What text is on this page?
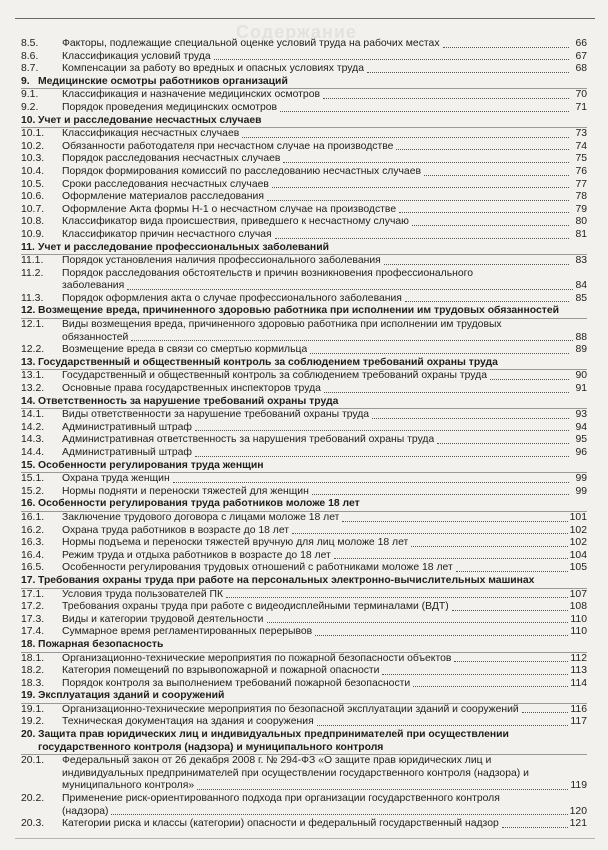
Содержание
8.5.	Факторы, подлежащие специальной оценке условий труда на рабочих местах	66
8.6.	Классификация условий труда	67
8.7.	Компенсации за работу во вредных и опасных условиях труда	68
9. Медицинские осмотры работников организаций
9.1.	Классификация и назначение медицинских осмотров	70
9.2.	Порядок проведения медицинских осмотров	71
10. Учет и расследование несчастных случаев
10.1.	Классификация несчастных случаев	73
10.2.	Обязанности работодателя при несчастном случае на производстве	74
10.3.	Порядок расследования несчастных случаев	75
10.4.	Порядок формирования комиссий по расследованию несчастных случаев	76
10.5.	Сроки расследования несчастных случаев	77
10.6.	Оформление материалов расследования	78
10.7.	Оформление Акта формы Н-1 о несчастном случае на производстве	79
10.8.	Классификатор вида происшествия, приведшего к несчастному случаю	80
10.9.	Классификатор причин несчастного случая	81
11. Учет и расследование профессиональных заболеваний
11.1.	Порядок установления наличия профессионального заболевания	83
11.2.	Порядок расследования обстоятельств и причин возникновения профессионального
заболевания	84
11.3.	Порядок оформления акта о случае профессионального заболевания	85
12. Возмещение вреда, причиненного здоровью работника при исполнении им трудовых обязанностей
12.1.	Виды возмещения вреда, причиненного здоровью работника при исполнении им трудовых
обязанностей	88
12.2.	Возмещение вреда в связи со смертью кормильца	89
13. Государственный и общественный контроль за соблюдением требований охраны труда
13.1.	Государственный и общественный контроль за соблюдением требований охраны труда	90
13.2.	Основные права государственных инспекторов труда	91
14. Ответственность за нарушение требований охраны труда
14.1.	Виды ответственности за нарушение требований охраны труда	93
14.2.	Административный штраф	94
14.3.	Административная ответственность за нарушения требований охраны труда	95
14.4.	Административный штраф	96
15. Особенности регулирования труда женщин
15.1.	Охрана труда женщин	99
15.2.	Нормы подняти и переноски тяжестей для женщин	99
16. Особенности регулирования труда работников моложе 18 лет
16.1.	Заключение трудового договора с лицами моложе 18 лет	101
16.2.	Охрана труда работников в возрасте до 18 лет	102
16.3.	Нормы подъема и переноски тяжестей вручную для лиц моложе 18 лет	102
16.4.	Режим труда и отдыха работников в возрасте до 18 лет	104
16.5.	Особенности регулирования трудовых отношений с работниками моложе 18 лет	105
17. Требования охраны труда при работе на персональных электронно-вычислительных машинах
17.1.	Условия труда пользователей ПК	107
17.2.	Требования охраны труда при работе с видеодисплейными терминалами (ВДТ)	108
17.3.	Виды и категории трудовой деятельности	110
17.4.	Суммарное время регламентированных перерывов	110
18. Пожарная безопасность
18.1.	Организационно-технические мероприятия по пожарной безопасности объектов	112
18.2.	Категория помещений по взрывопожарной и пожарной опасности	113
18.3.	Порядок контроля за выполнением требований пожарной безопасности	114
19. Эксплуатация зданий и сооружений
19.1.	Организационно-технические мероприятия по безопасной эксплуатации зданий и сооружений	116
19.2.	Техническая документация на здания и сооружения	117
20. Защита прав юридических лиц и индивидуальных предпринимателей при осуществлении государственного контроля (надзора) и муниципального контроля
20.1.	Федеральный закон от 26 декабря 2008 г. № 294-ФЗ «О защите прав юридических лиц и
индивидуальных предпринимателей при осуществлении государственного контроля (надзора) и
муниципального контроля»	119
20.2.	Применение риск-ориентированного подхода при организации государственного контроля
(надзора)	120
20.3.	Категории риска и классы (категории) опасности и федеральный государственный надзор	121
